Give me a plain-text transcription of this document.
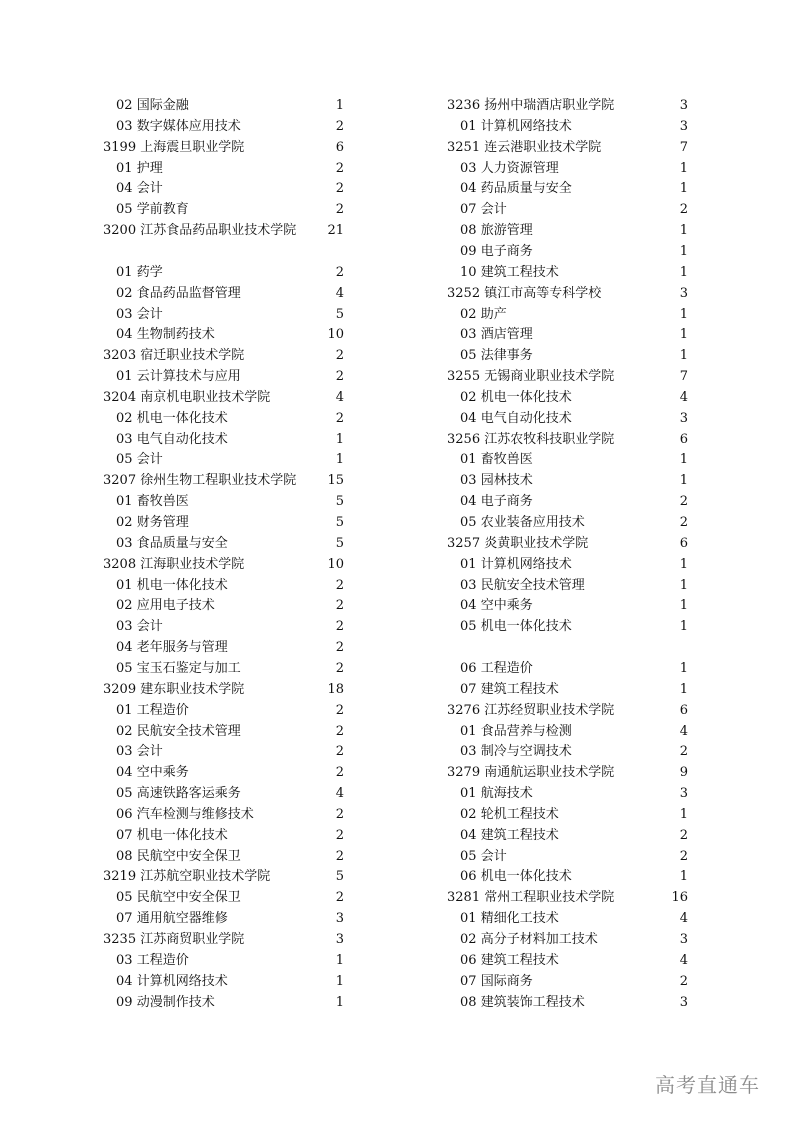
02 国际金融	1
03 数字媒体应用技术	2
3199 上海震旦职业学院	6
01 护理	2
04 会计	2
05 学前教育	2
3200 江苏食品药品职业技术学院 21
01 药学	2
02 食品药品监督管理	4
03 会计	5
04 生物制药技术	10
3203 宿迁职业技术学院	2
01 云计算技术与应用	2
3204 南京机电职业技术学院	4
02 机电一体化技术	2
03 电气自动化技术	1
05 会计	1
3207 徐州生物工程职业技术学院 15
01 畜牧兽医	5
02 财务管理	5
03 食品质量与安全	5
3208 江海职业技术学院	10
01 机电一体化技术	2
02 应用电子技术	2
03 会计	2
04 老年服务与管理	2
05 宝玉石鉴定与加工	2
3209 建东职业技术学院	18
01 工程造价	2
02 民航安全技术管理	2
03 会计	2
04 空中乘务	2
05 高速铁路客运乘务	4
06 汽车检测与维修技术	2
07 机电一体化技术	2
08 民航空中安全保卫	2
3219 江苏航空职业技术学院	5
05 民航空中安全保卫	2
07 通用航空器维修	3
3235 江苏商贸职业学院	3
03 工程造价	1
04 计算机网络技术	1
09 动漫制作技术	1
3236 扬州中瑞酒店职业学院	3
01 计算机网络技术	3
3251 连云港职业技术学院	7
03 人力资源管理	1
04 药品质量与安全	1
07 会计	2
08 旅游管理	1
09 电子商务	1
10 建筑工程技术	1
3252 镇江市高等专科学校	3
02 助产	1
03 酒店管理	1
05 法律事务	1
3255 无锡商业职业技术学院	7
02 机电一体化技术	4
04 电气自动化技术	3
3256 江苏农牧科技职业学院	6
01 畜牧兽医	1
03 园林技术	1
04 电子商务	2
05 农业装备应用技术	2
3257 炎黄职业技术学院	6
01 计算机网络技术	1
03 民航安全技术管理	1
04 空中乘务	1
05 机电一体化技术	1
06 工程造价	1
07 建筑工程技术	1
3276 江苏经贸职业技术学院	6
01 食品营养与检测	4
03 制冷与空调技术	2
3279 南通航运职业技术学院	9
01 航海技术	3
02 轮机工程技术	1
04 建筑工程技术	2
05 会计	2
06 机电一体化技术	1
3281 常州工程职业技术学院	16
01 精细化工技术	4
02 高分子材料加工技术	3
06 建筑工程技术	4
07 国际商务	2
08 建筑装饰工程技术	3
高考直通车
